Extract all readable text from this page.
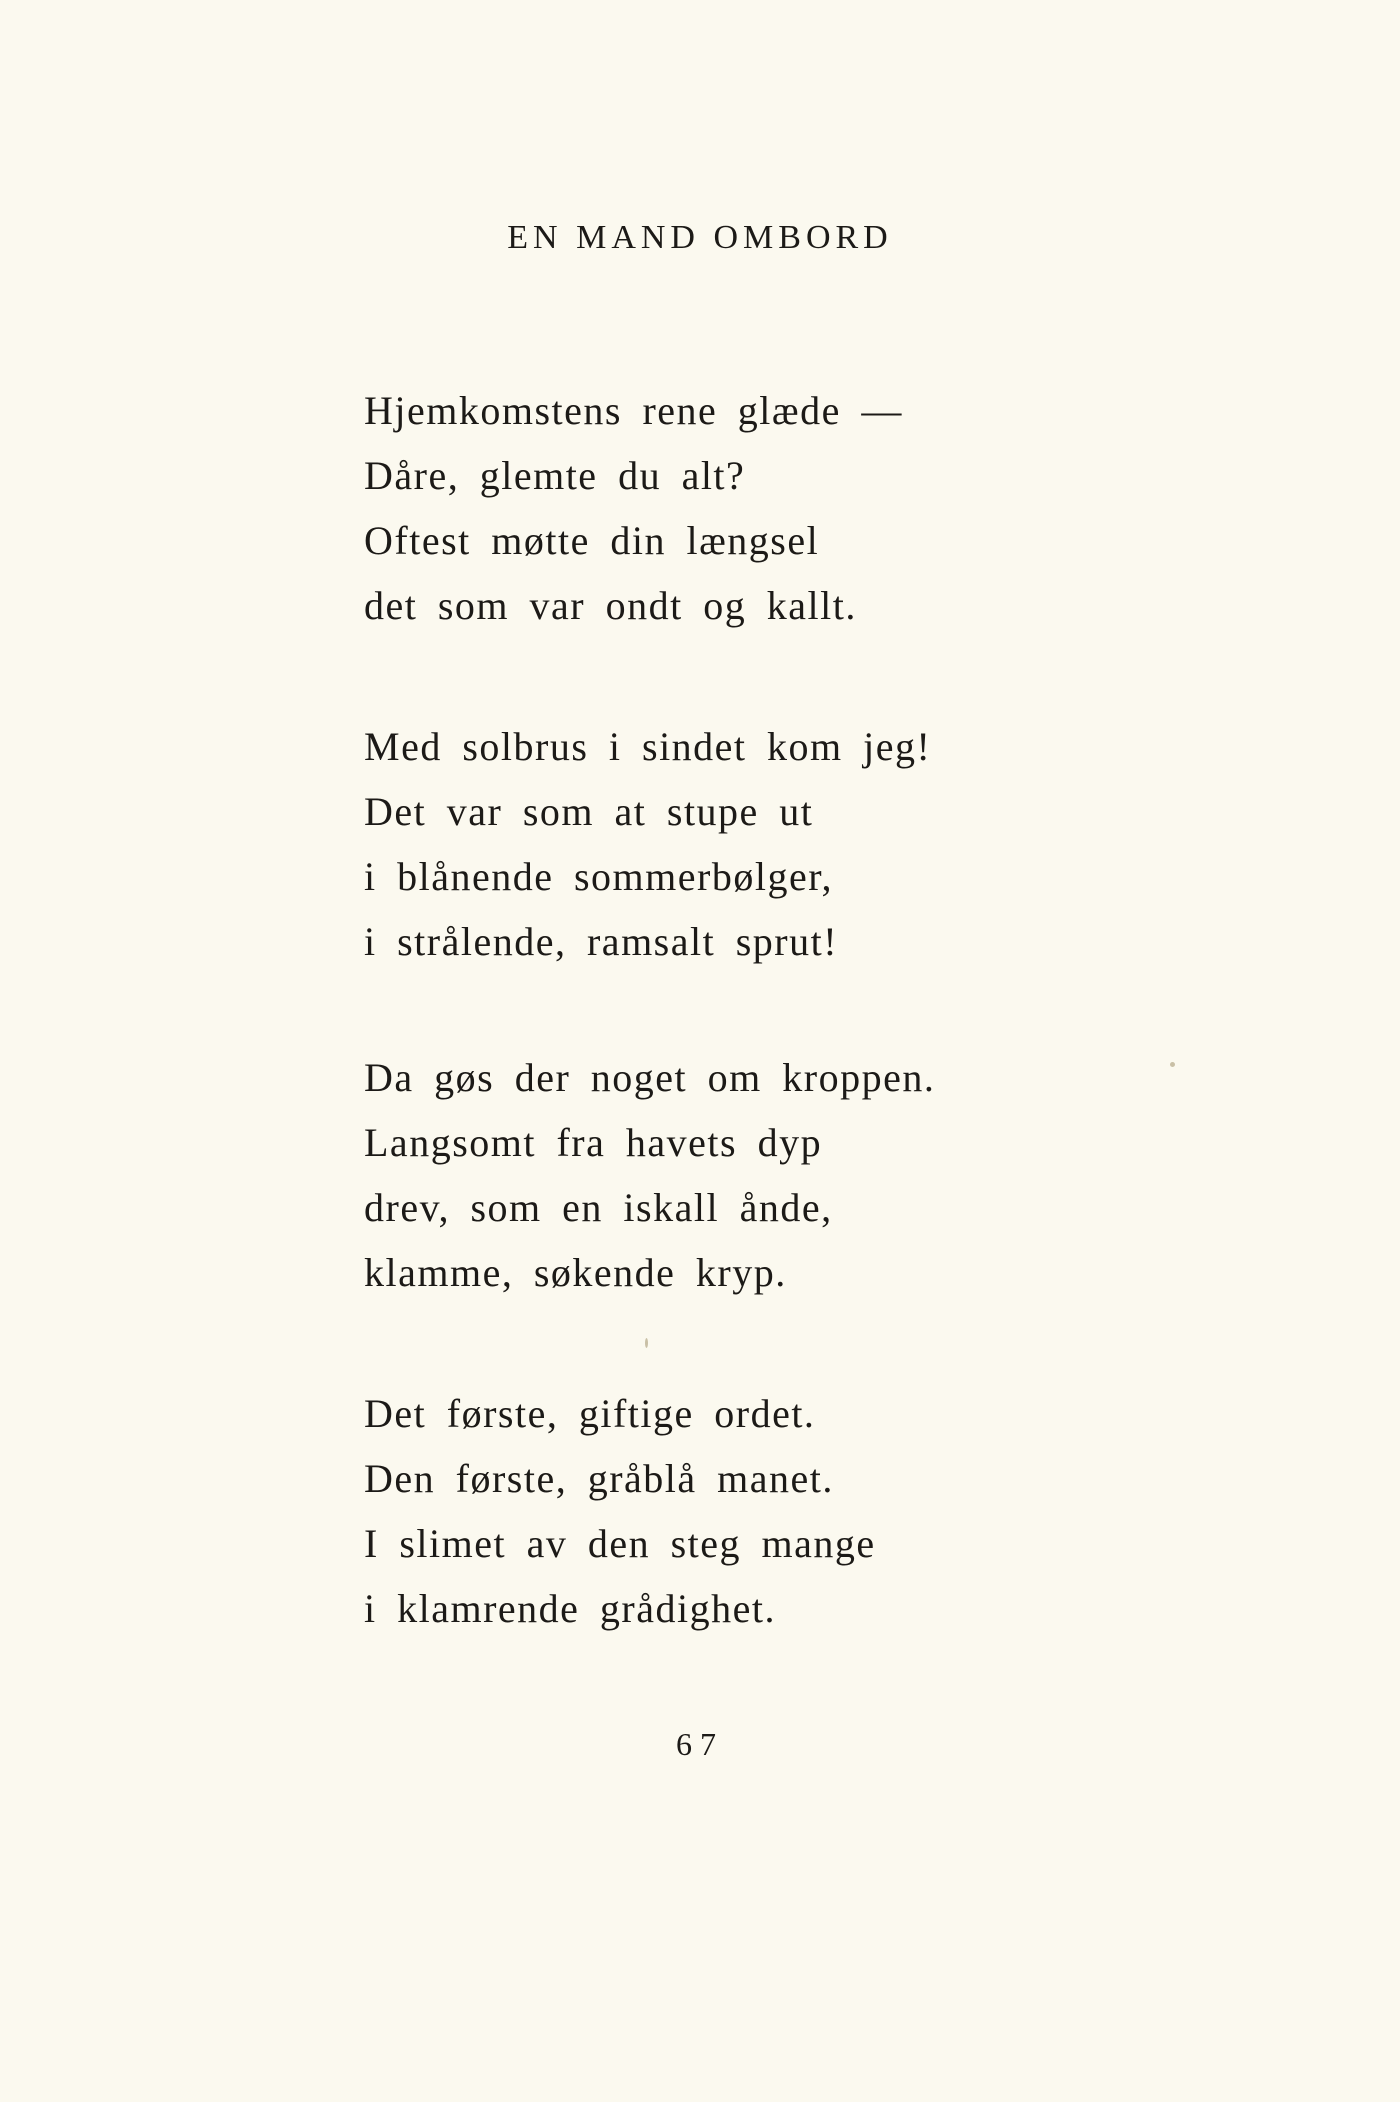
EN MAND OMBORD
Hjemkomstens rene glæde —
Dåre, glemte du alt?
Oftest møtte din længsel
det som var ondt og kallt.
Med solbrus i sindet kom jeg!
Det var som at stupe ut
i blånende sommerbølger,
i strålende, ramsalt sprut!
Da gøs der noget om kroppen.
Langsomt fra havets dyp
drev, som en iskall ånde,
klamme, søkende kryp.
Det første, giftige ordet.
Den første, gråblå manet.
I slimet av den steg mange
i klamrende grådighet.
67
